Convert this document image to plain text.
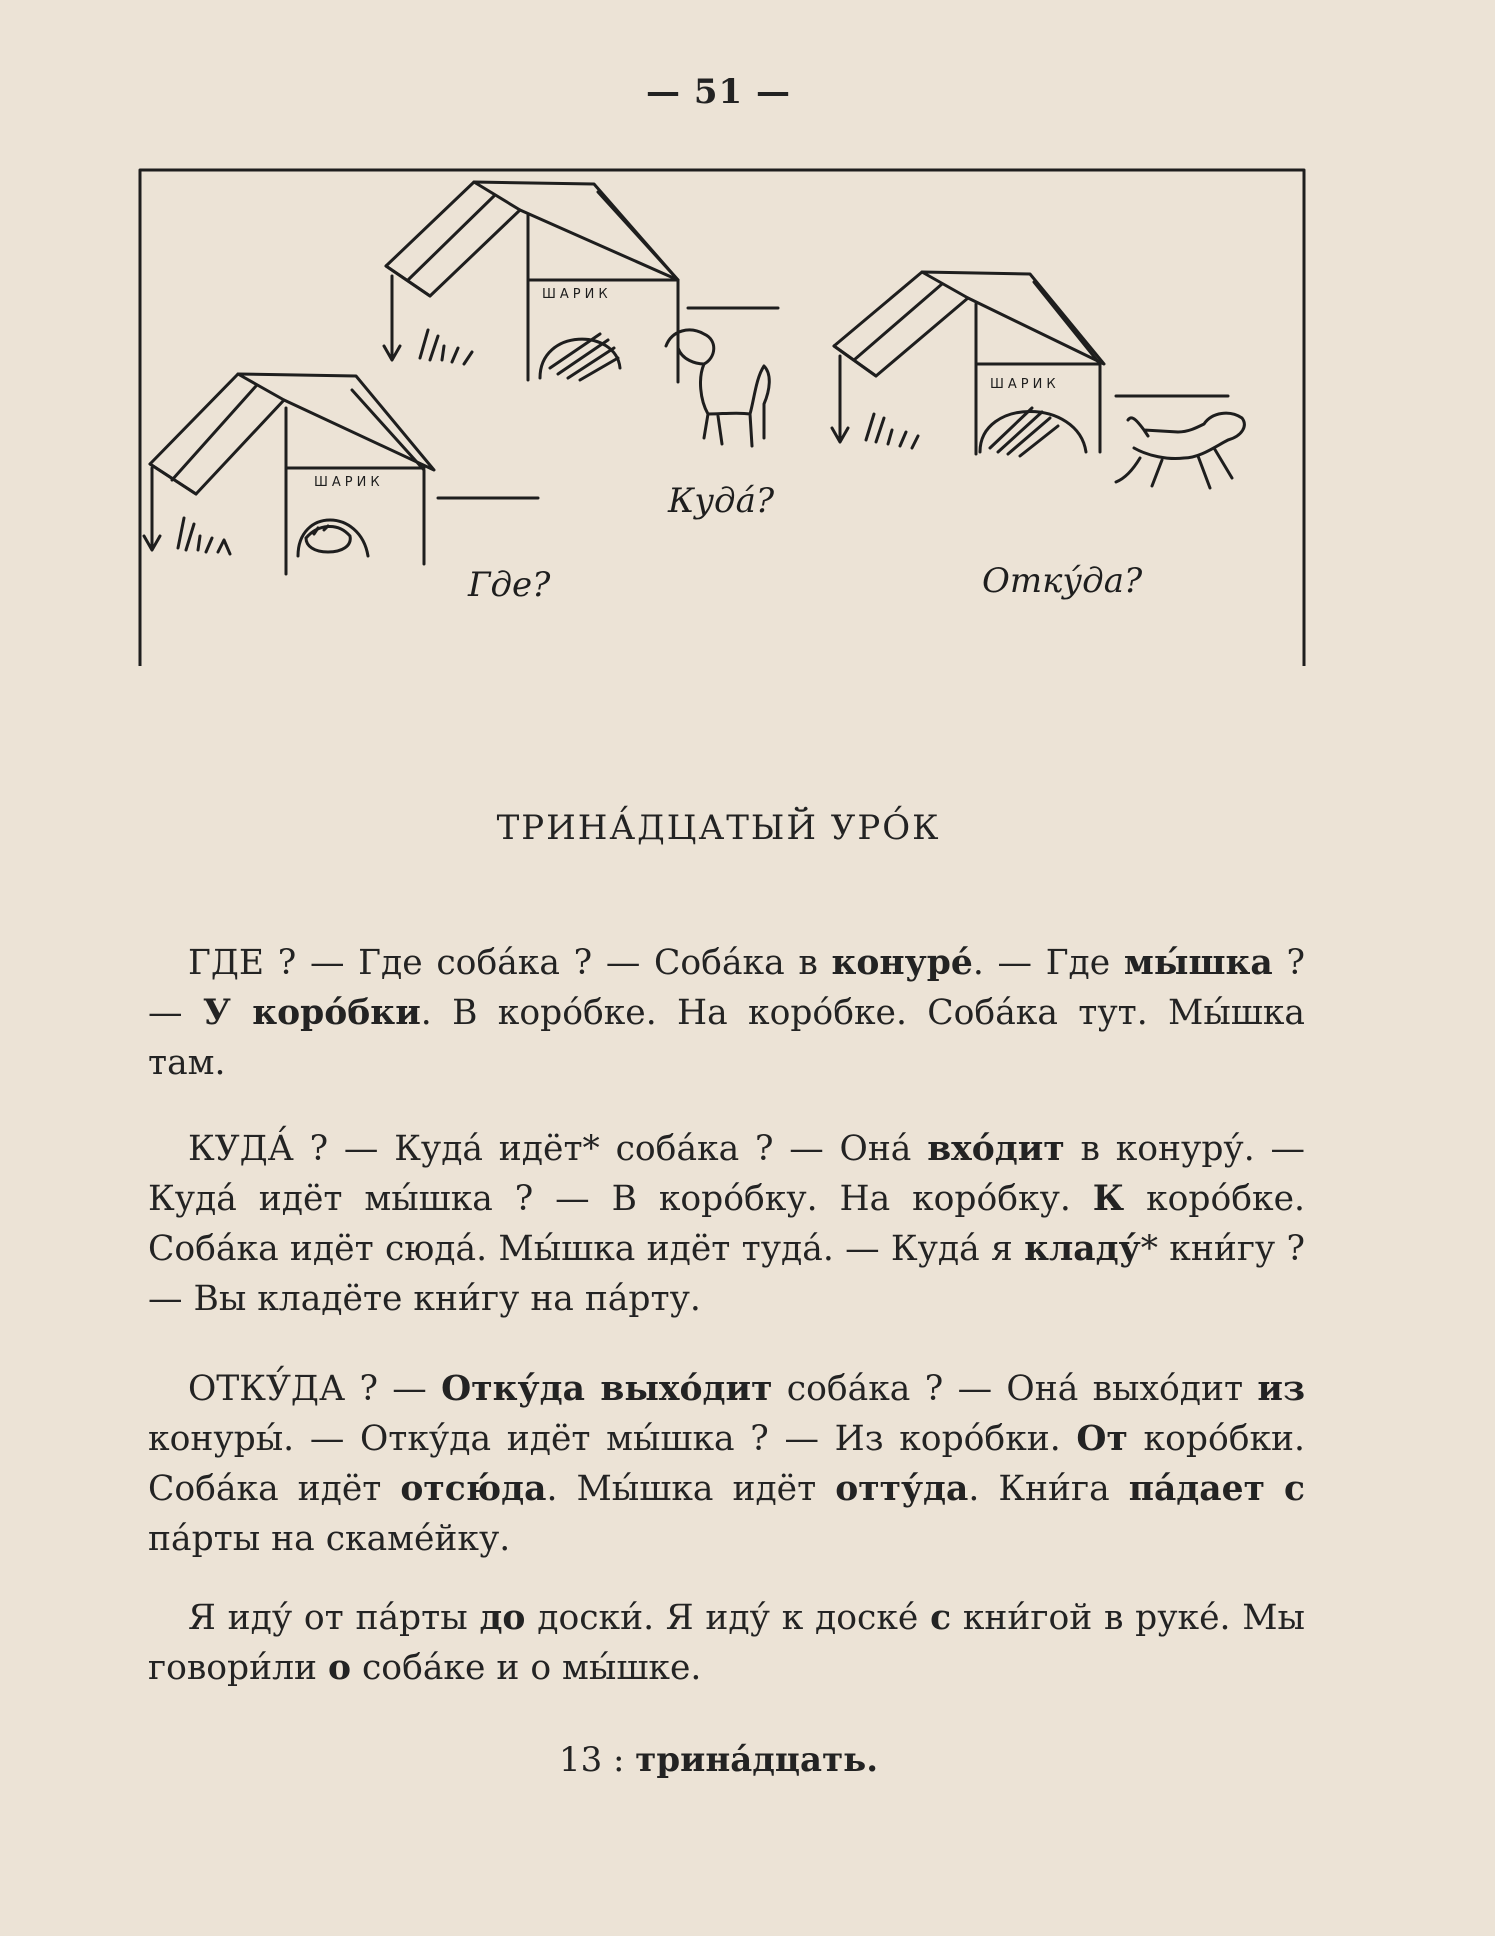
— 51 —
ШАРИК
ШАРИК
ШАРИК
Где?
Куда́?
Отку́да?
ТРИНА́ДЦАТЫЙ УРО́К
ГДЕ ? — Где соба́ка ? — Соба́ка в конуре́. — Где мы́шка ? — У коро́бки. В коро́бке. На коро́бке. Соба́ка тут. Мы́шка там.
КУДА́ ? — Куда́ идёт* соба́ка ? — Она́ вхо́дит в конуру́. — Куда́ идёт мы́шка ? — В коро́бку. На коро́бку. К коро́бке. Соба́ка идёт сюда́. Мы́шка идёт туда́. — Куда́ я кладу́* кни́гу ? — Вы кладёте кни́гу на па́рту.
ОТКУ́ДА ? — Отку́да выхо́дит соба́ка ? — Она́ выхо́дит из конуры́. — Отку́да идёт мы́шка ? — Из коро́бки. От коро́бки. Соба́ка идёт отсю́да. Мы́шка идёт отту́да. Кни́га па́дает с па́рты на скаме́йку.
Я иду́ от па́рты до доски́. Я иду́ к доске́ с кни́гой в руке́. Мы говори́ли о соба́ке и о мы́шке.
13 : трина́дцать.
